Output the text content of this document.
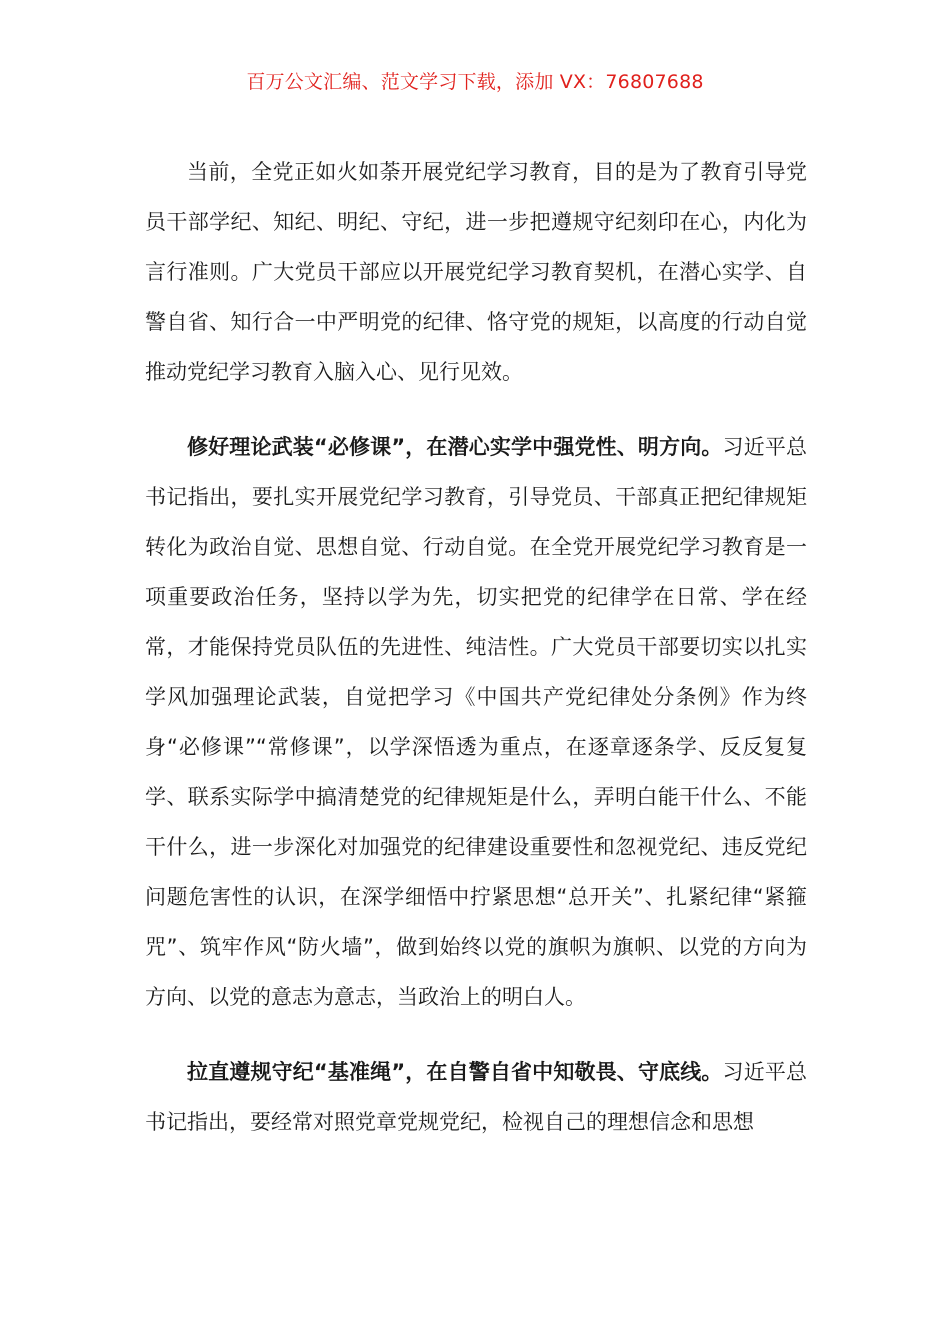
百万公文汇编、范文学习下载，添加 VX：76807688

当前，全党正如火如荼开展党纪学习教育，目的是为了教育引导党员干部学纪、知纪、明纪、守纪，进一步把遵规守纪刻印在心，内化为言行准则。广大党员干部应以开展党纪学习教育契机，在潜心实学、自警自省、知行合一中严明党的纪律、恪守党的规矩，以高度的行动自觉推动党纪学习教育入脑入心、见行见效。

修好理论武装“必修课”，在潜心实学中强党性、明方向。习近平总书记指出，要扎实开展党纪学习教育，引导党员、干部真正把纪律规矩转化为政治自觉、思想自觉、行动自觉。在全党开展党纪学习教育是一项重要政治任务，坚持以学为先，切实把党的纪律学在日常、学在经常，才能保持党员队伍的先进性、纯洁性。广大党员干部要切实以扎实学风加强理论武装，自觉把学习《中国共产党纪律处分条例》作为终身“必修课”“常修课”，以学深悟透为重点，在逐章逐条学、反反复复学、联系实际学中搞清楚党的纪律规矩是什么，弄明白能干什么、不能干什么，进一步深化对加强党的纪律建设重要性和忽视党纪、违反党纪问题危害性的认识，在深学细悟中拧紧思想“总开关”、扎紧纪律“紧箍咒”、筑牢作风“防火墙”，做到始终以党的旗帜为旗帜、以党的方向为方向、以党的意志为意志，当政治上的明白人。

拉直遵规守纪“基准绳”，在自警自省中知敬畏、守底线。习近平总书记指出，要经常对照党章党规党纪，检视自己的理想信念和思想
